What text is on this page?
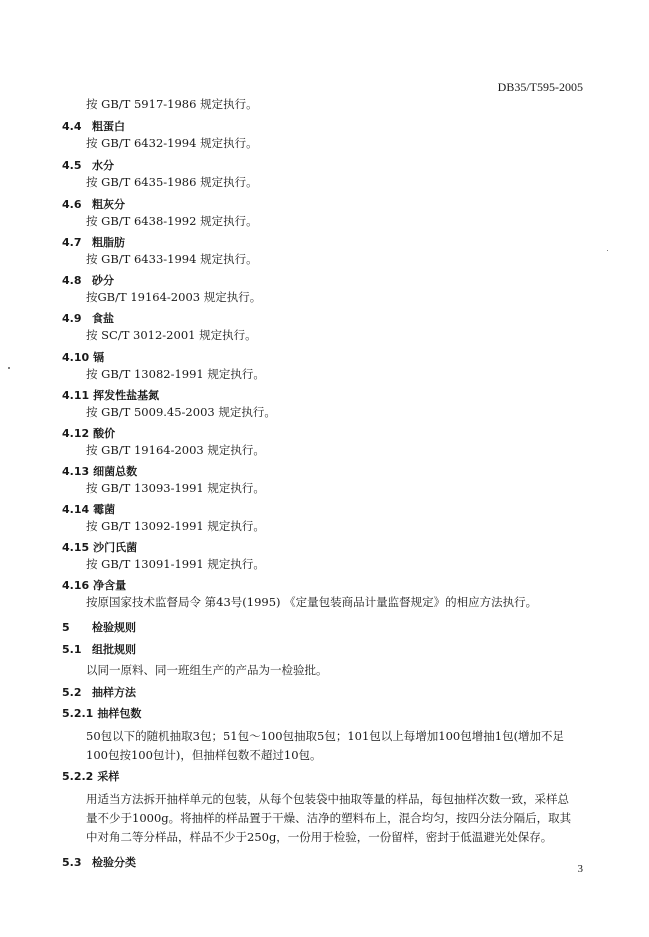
DB35/T595-2005
按 GB/T 5917-1986 规定执行。
4.4 粗蛋白
按 GB/T 6432-1994 规定执行。
4.5 水分
按 GB/T 6435-1986 规定执行。
4.6 粗灰分
按 GB/T 6438-1992 规定执行。
4.7 粗脂肪
按 GB/T 6433-1994 规定执行。
4.8 砂分
按GB/T 19164-2003 规定执行。
4.9 食盐
按 SC/T 3012-2001 规定执行。
4.10 镉
按 GB/T 13082-1991 规定执行。
4.11 挥发性盐基氮
按 GB/T 5009.45-2003 规定执行。
4.12 酸价
按 GB/T 19164-2003 规定执行。
4.13 细菌总数
按 GB/T 13093-1991 规定执行。
4.14 霉菌
按 GB/T 13092-1991 规定执行。
4.15 沙门氏菌
按 GB/T 13091-1991 规定执行。
4.16 净含量
按原国家技术监督局令 第43号(1995) 《定量包装商品计量监督规定》的相应方法执行。
5 检验规则
5.1 组批规则
以同一原料、同一班组生产的产品为一检验批。
5.2 抽样方法
5.2.1 抽样包数
50包以下的随机抽取3包；51包～100包抽取5包；101包以上每增加100包增抽1包(增加不足100包按100包计)，但抽样包数不超过10包。
5.2.2 采样
用适当方法拆开抽样单元的包装，从每个包装袋中抽取等量的样品，每包抽样次数一致，采样总量不少于1000g。将抽样的样品置于干燥、洁净的塑料布上，混合均匀，按四分法分隔后，取其中对角二等分样品，样品不少于250g，一份用于检验，一份留样，密封于低温避光处保存。
5.3 检验分类	3
